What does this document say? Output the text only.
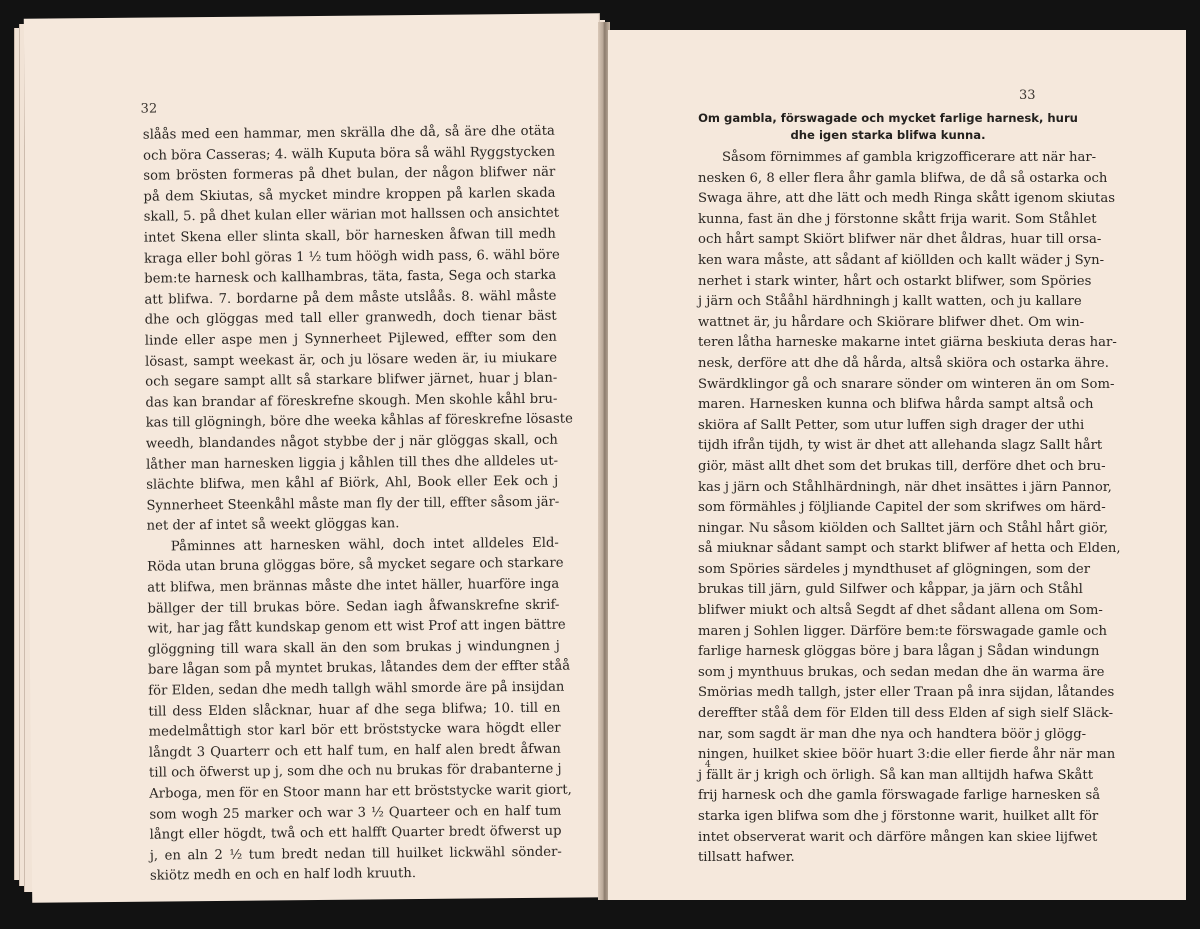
32
slåås med een hammar, men skrälla dhe då, så äre dhe otäta
och böra Casseras; 4. wälh Kuputa böra så wähl Ryggstycken
som brösten formeras på dhet bulan, der någon blifwer när
på dem Skiutas, så mycket mindre kroppen på karlen skada
skall, 5. på dhet kulan eller wärian mot hallssen och ansichtet
intet Skena eller slinta skall, bör harnesken åfwan till medh
kraga eller bohl göras 1 ½ tum höögh widh pass, 6. wähl böre
bem:te harnesk och kallhambras, täta, fasta, Sega och starka
att blifwa. 7. bordarne på dem måste utslåås. 8. wähl måste
dhe och glöggas med tall eller granwedh, doch tienar bäst
linde eller aspe men j Synnerheet Pijlewed, effter som den
lösast, sampt weekast är, och ju lösare weden är, iu miukare
och segare sampt allt så starkare blifwer järnet, huar j blan-
das kan brandar af föreskrefne skough. Men skohle kåhl bru-
kas till glögningh, böre dhe weeka kåhlas af föreskrefne lösaste
weedh, blandandes något stybbe der j när glöggas skall, och
låther man harnesken liggia j kåhlen till thes dhe alldeles ut-
slächte blifwa, men kåhl af Biörk, Ahl, Book eller Eek och j
Synnerheet Steenkåhl måste man fly der till, effter såsom jär-
net der af intet så weekt glöggas kan.
Påminnes att harnesken wähl, doch intet alldeles Eld-
Röda utan bruna glöggas böre, så mycket segare och starkare
att blifwa, men brännas måste dhe intet häller, huarföre inga
bällger der till brukas böre. Sedan iagh åfwanskrefne skrif-
wit, har jag fått kundskap genom ett wist Prof att ingen bättre
glöggning till wara skall än den som brukas j windungnen j
bare lågan som på myntet brukas, låtandes dem der effter ståå
för Elden, sedan dhe medh tallgh wähl smorde äre på insijdan
till dess Elden slåcknar, huar af dhe sega blifwa; 10. till en
medelmåttigh stor karl bör ett bröststycke wara högdt eller
långdt 3 Quarterr och ett half tum, en half alen bredt åfwan
till och öfwerst up j, som dhe och nu brukas för drabanterne j
Arboga, men för en Stoor mann har ett bröststycke warit giort,
som wogh 25 marker och war 3 ½ Quarteer och en half tum
långt eller högdt, twå och ett halfft Quarter bredt öfwerst up
j, en aln 2 ½ tum bredt nedan till huilket lickwähl sönder-
skiötz medh en och en half lodh kruuth.
33
Om gambla, förswagade och mycket farlige harnesk, huru dhe igen starka blifwa kunna.
Såsom förnimmes af gambla krigzofficerare att när har-
nesken 6, 8 eller flera åhr gamla blifwa, de då så ostarka och
Swaga ähre, att dhe lätt och medh Ringa skått igenom skiutas
kunna, fast än dhe j förstonne skått frija warit. Som Ståhlet
och hårt sampt Skiört blifwer när dhet åldras, huar till orsa-
ken wara måste, att sådant af kiöllden och kallt wäder j Syn-
nerhet i stark winter, hårt och ostarkt blifwer, som Spöries
j järn och Stååhl härdhningh j kallt watten, och ju kallare
wattnet är, ju hårdare och Skiörare blifwer dhet. Om win-
teren låtha harneske makarne intet giärna beskiuta deras har-
nesk, derföre att dhe då hårda, altså skiöra och ostarka ähre.
Swärdklingor gå och snarare sönder om winteren än om Som-
maren. Harnesken kunna och blifwa hårda sampt altså och
skiöra af Sallt Petter, som utur luffen sigh drager der uthi
tijdh ifrån tijdh, ty wist är dhet att allehanda slagz Sallt hårt
giör, mäst allt dhet som det brukas till, derföre dhet och bru-
kas j järn och Ståhlhärdningh, när dhet insättes i järn Pannor,
som förmähles j följliande Capitel der som skrifwes om härd-
ningar. Nu såsom kiölden och Salltet järn och Ståhl hårt giör,
så miuknar sådant sampt och starkt blifwer af hetta och Elden,
som Spöries särdeles j myndthuset af glögningen, som der
brukas till järn, guld Silfwer och kåppar, ja järn och Ståhl
blifwer miukt och altså Segdt af dhet sådant allena om Som-
maren j Sohlen ligger. Därföre bem:te förswagade gamle och
farlige harnesk glöggas böre j bara lågan j Sådan windungn
som j mynthuus brukas, och sedan medan dhe än warma äre
Smörias medh tallgh, jster eller Traan på inra sijdan, låtandes
dereffter ståå dem för Elden till dess Elden af sigh sielf Släck-
nar, som sagdt är man dhe nya och handtera böör j glögg-
ningen, huilket skiee böör huart 3:die eller fierde åhr när man
j fällt är j krigh och örligh. Så kan man alltijdh hafwa Skått
frij harnesk och dhe gamla förswagade farlige harnesken så
starka igen blifwa som dhe j förstonne warit, huilket allt för
intet observerat warit och därföre mången kan skiee lijfwet
tillsatt hafwer.
4
